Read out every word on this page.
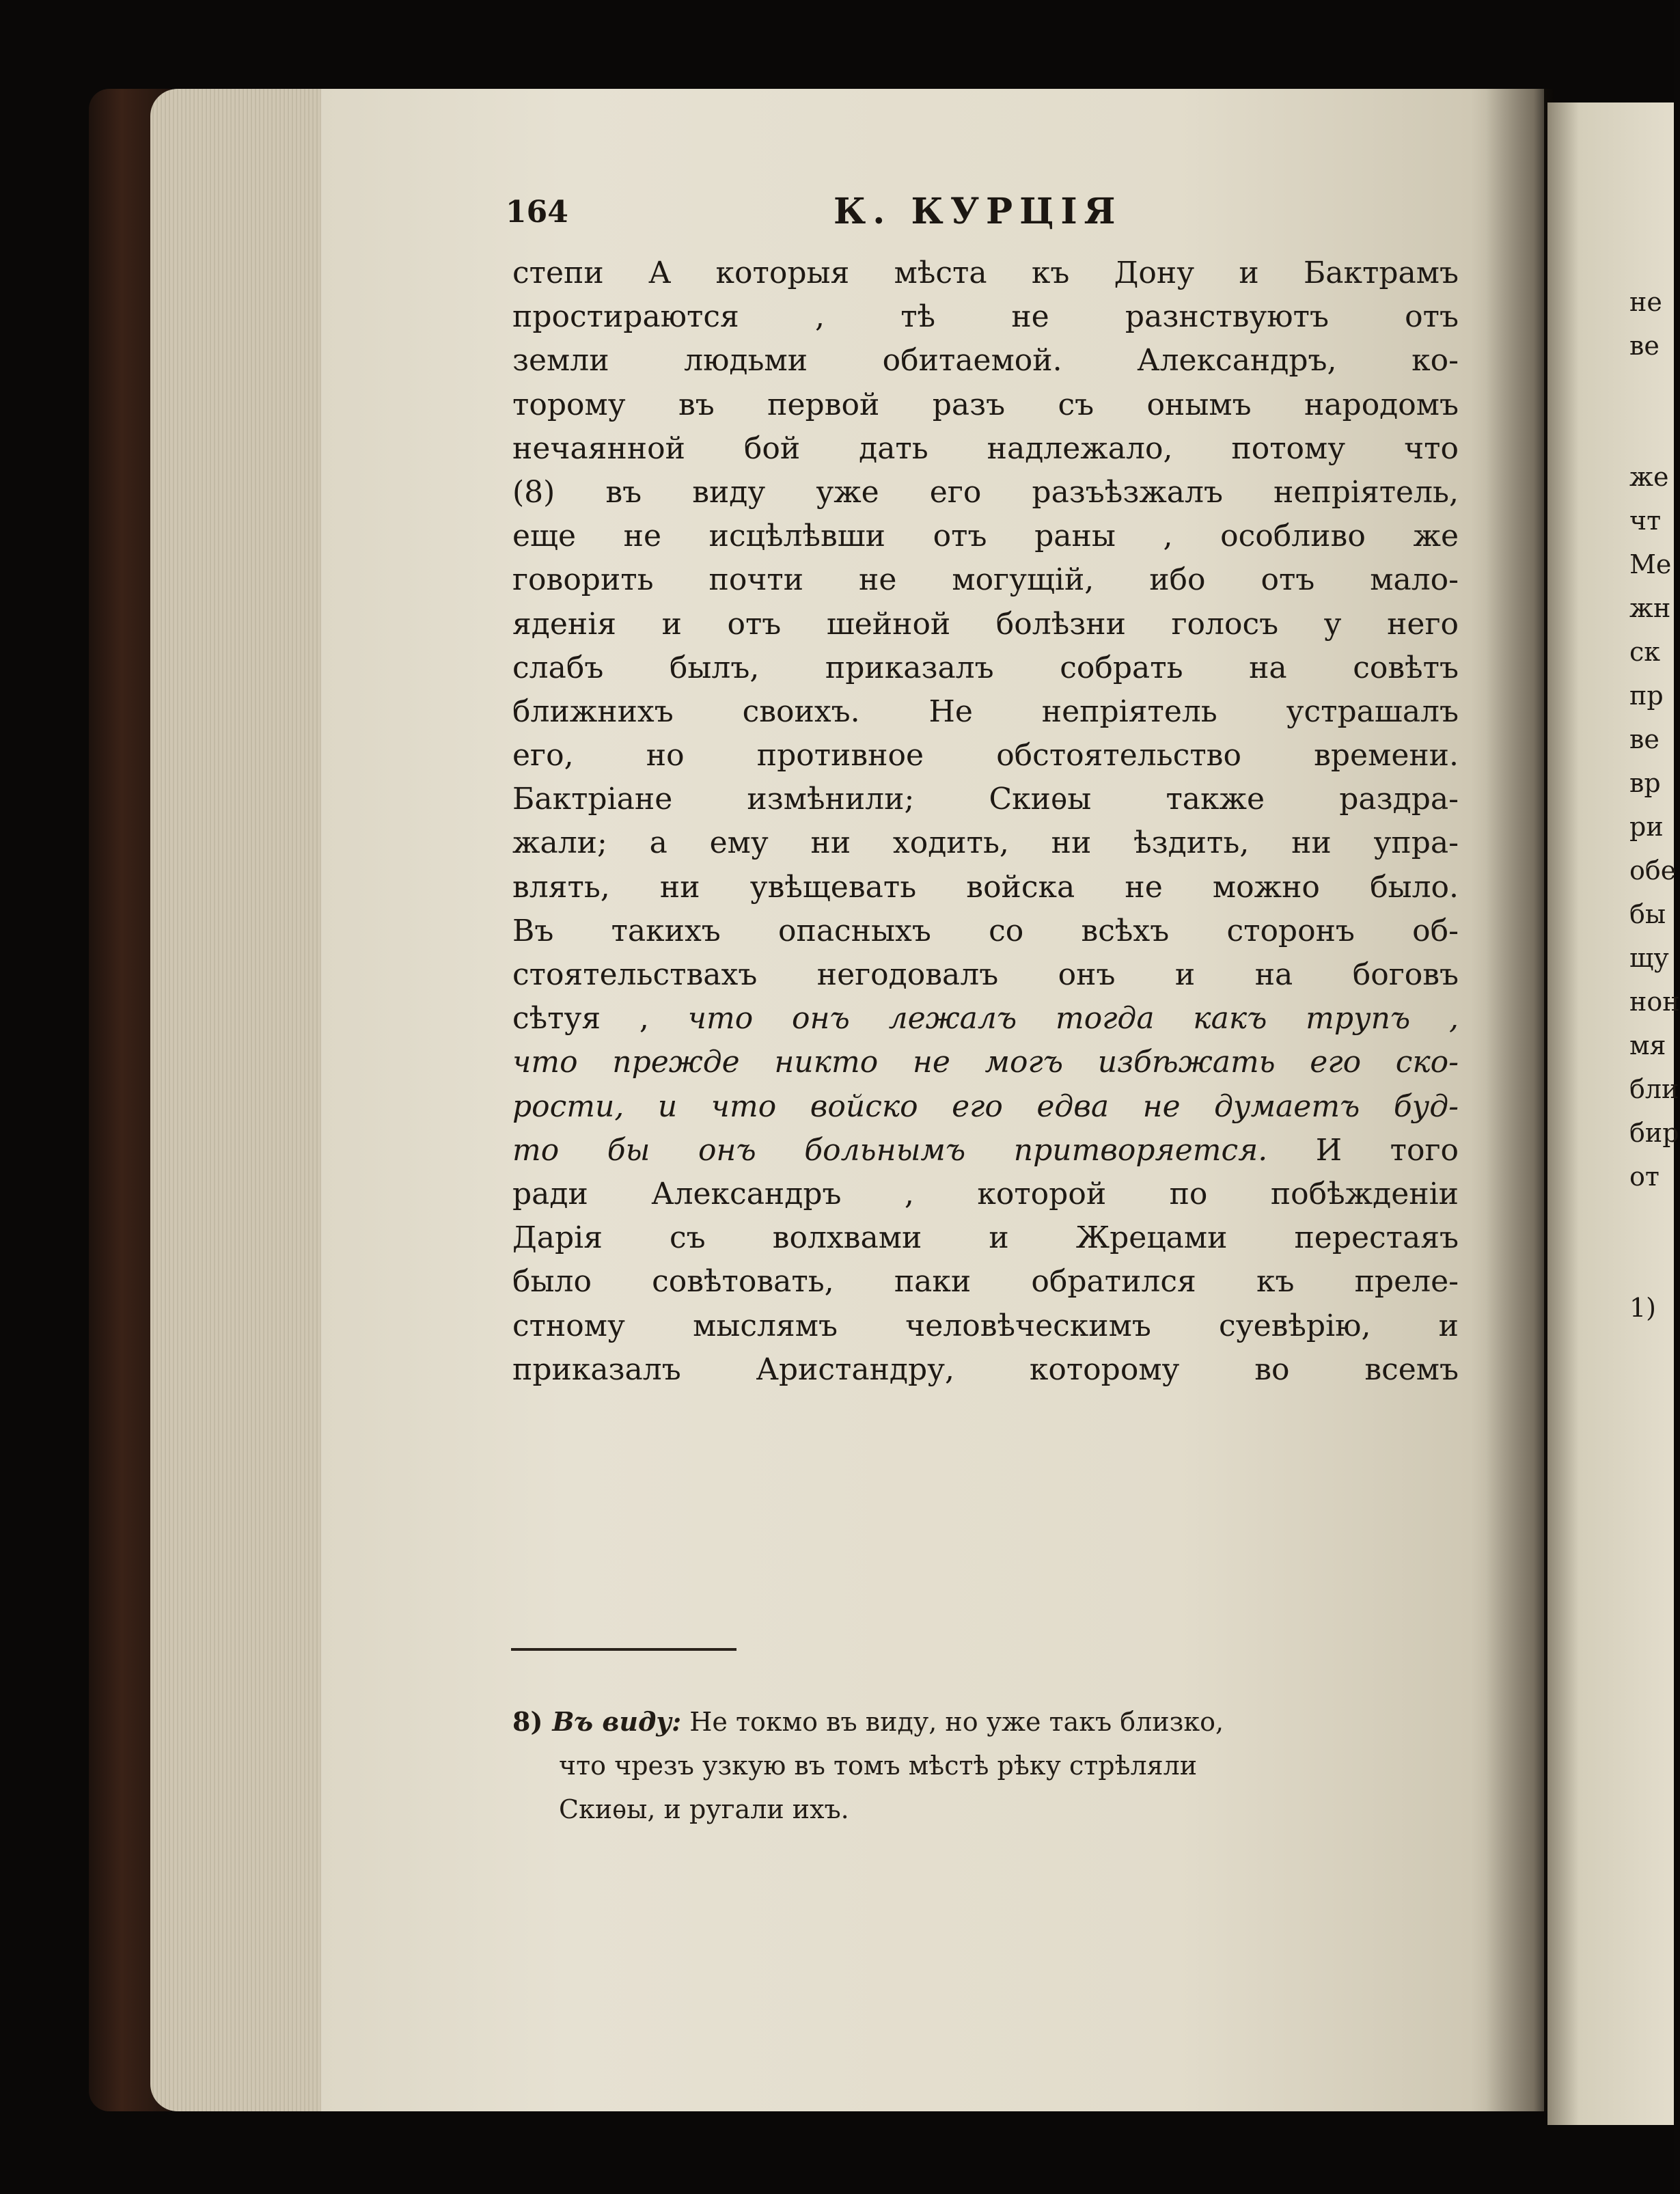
164	К. КУРЦІЯ
степи А которыя мѣста къ Дону и Бактрамъ
простираются , тѣ не разнствуютъ отъ
земли людьми обитаемой. Александръ, ко-
торому въ первой разъ съ онымъ народомъ
нечаянной бой дать надлежало, потому что
(8) въ виду уже его разъѣзжалъ непріятель,
еще не исцѣлѣвши отъ раны , особливо же
говорить почти не могущій, ибо отъ мало-
яденія и отъ шейной болѣзни голосъ у него
слабъ былъ, приказалъ собрать на совѣтъ
ближнихъ своихъ. Не непріятель устрашалъ
его, но противное обстоятельство времени.
Бактріане измѣнили; Скиѳы также раздра-
жали; а ему ни ходить, ни ѣздить, ни упра-
влять, ни увѣщевать войска не можно было.
Въ такихъ опасныхъ со всѣхъ сторонъ об-
стоятельствахъ негодовалъ онъ и на боговъ
сѣтуя , что онъ лежалъ тогда какъ трупъ ,
что прежде никто не могъ избѣжать его ско-
рости, и что войско его едва не думаетъ буд-
то бы онъ больнымъ притворяется. И того
ради Александръ , которой по побѣжденіи
Дарія съ волхвами и Жрецами перестаяъ
было совѣтовать, паки обратился къ преле-
стному мыслямъ человѣческимъ суевѣрію, и
приказалъ Аристандру, которому во всемъ
8) Въ виду: Не токмо въ виду, но уже такъ близко,
что чрезъ узкую въ томъ мѣстѣ рѣку стрѣляли
Скиѳы, и ругали ихъ.
не
ве
же
чт
Ме
жн
ск
пр
ве
вр
ри
обе
бы
щу
нон
мя
бли
бир
от
1)
